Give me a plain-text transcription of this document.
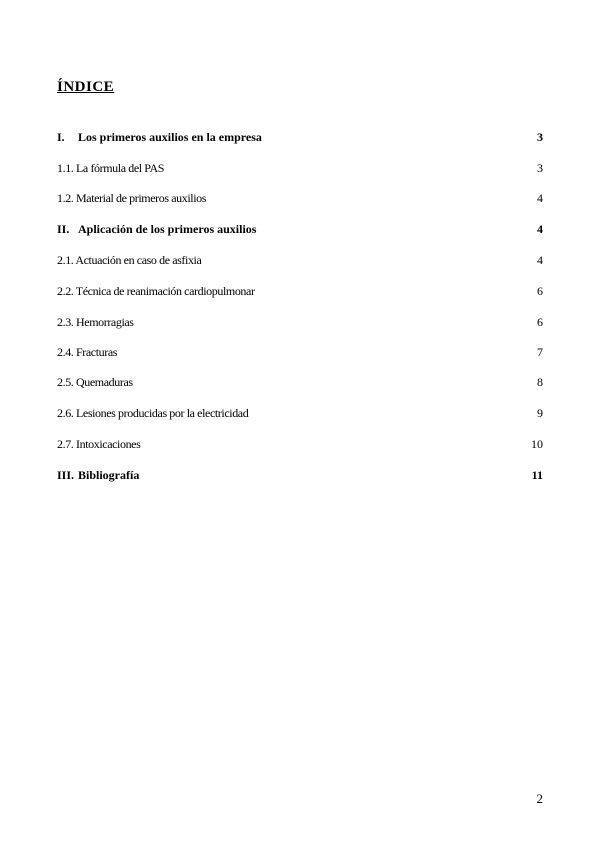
ÍNDICE
I. Los primeros auxilios en la empresa	3
1.1. La fórmula del PAS	3
1.2. Material de primeros auxilios	4
II. Aplicación de los primeros auxilios	4
2.1. Actuación en caso de asfixia	4
2.2. Técnica de reanimación cardiopulmonar	6
2.3. Hemorragias	6
2.4. Fracturas	7
2.5. Quemaduras	8
2.6. Lesiones producidas por la electricidad	9
2.7. Intoxicaciones	10
III. Bibliografía	11
2
